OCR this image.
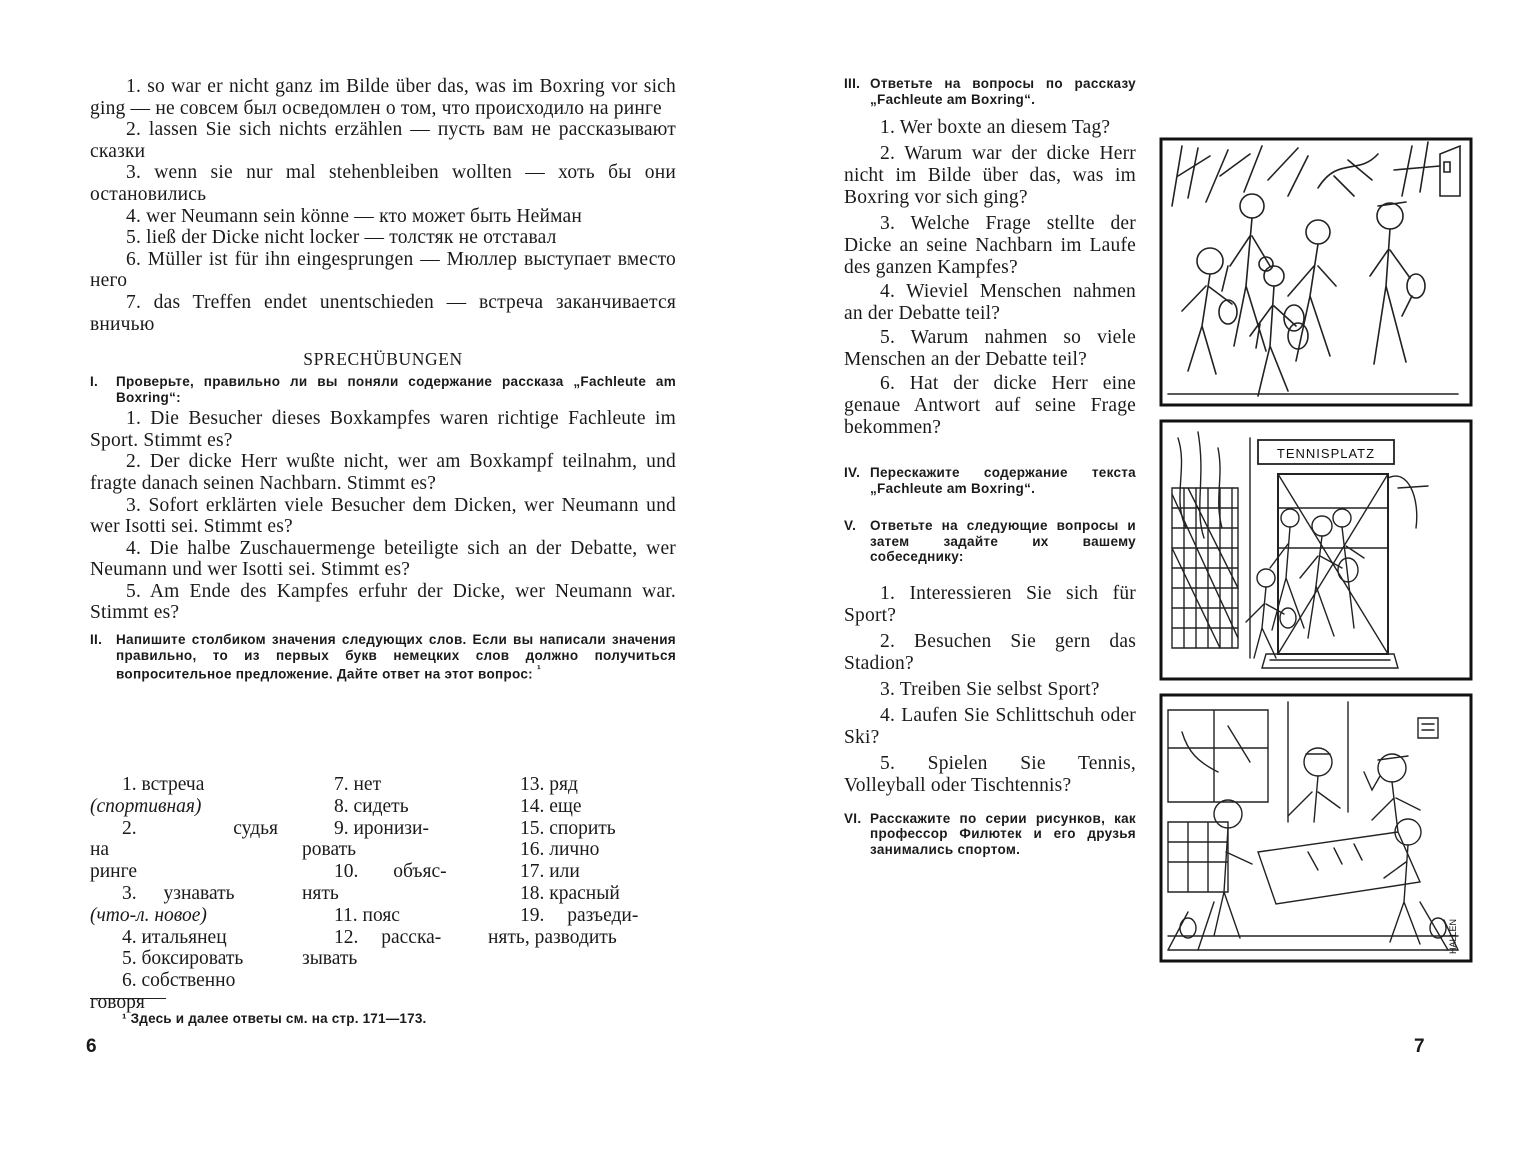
1. so war er nicht ganz im Bilde über das, was im Boxring vor sich ging — не совсем был осведомлен о том, что происходило на ринге
2. lassen Sie sich nichts erzählen — пусть вам не рассказывают сказки
3. wenn sie nur mal stehenbleiben wollten — хоть бы они остановились
4. wer Neumann sein könne — кто может быть Нейман
5. ließ der Dicke nicht locker — толстяк не отставал
6. Müller ist für ihn eingesprungen — Мюллер выступает вместо него
7. das Treffen endet unentschieden — встреча заканчивается вничью
SPRECHÜBUNGEN
I. Проверьте, правильно ли вы поняли содержание рассказа „Fachleute am Boxring“:
1. Die Besucher dieses Boxkampfes waren richtige Fachleute im Sport. Stimmt es?
2. Der dicke Herr wußte nicht, wer am Boxkampf teilnahm, und fragte danach seinen Nachbarn. Stimmt es?
3. Sofort erklärten viele Besucher dem Dicken, wer Neumann und wer Isotti sei. Stimmt es?
4. Die halbe Zuschauermenge beteiligte sich an der Debatte, wer Neumann und wer Isotti sei. Stimmt es?
5. Am Ende des Kampfes erfuhr der Dicke, wer Neumann war. Stimmt es?
II. Напишите столбиком значения следующих слов. Если вы написали значения правильно, то из первых букв немецких слов должно получиться вопросительное предложение. Дайте ответ на этот вопрос: $^{^1}$
1. встреча
(спортивная)
2. судья на
ринге
3. узнавать
(что-л. новое)
4. итальянец
5. боксировать
6. собственно
говоря
7. нет
8. сидеть
9. иронизи-
ровать
10. объяс-
нять
11. пояс
12. расска-
зывать
13. ряд
14. еще
15. спорить
16. лично
17. или
18. красный
19. разъеди-
нять, разводить
¹ Здесь и далее ответы см. на стр. 171—173.
6
III. Ответьте на вопросы по рассказу „Fachleute am Boxring“.
1. Wer boxte an diesem Tag?
2. Warum war der dicke Herr nicht im Bilde über das, was im Boxring vor sich ging?
3. Welche Frage stellte der Dicke an seine Nachbarn im Laufe des ganzen Kampfes?
4. Wieviel Menschen nahmen an der Debatte teil?
5. Warum nahmen so viele Menschen an der Debatte teil?
6. Hat der dicke Herr eine genaue Antwort auf seine Frage bekommen?
IV. Перескажите содержание текста „Fachleute am Boxring“.
V. Ответьте на следующие вопросы и затем задайте их вашему собеседнику:
1. Interessieren Sie sich für Sport?
2. Besuchen Sie gern das Stadion?
3. Treiben Sie selbst Sport?
4. Laufen Sie Schlittschuh oder Ski?
5. Spielen Sie Tennis, Volleyball oder Tischtennis?
VI. Расскажите по серии рисунков, как профессор Филютек и его друзья занимались спортом.
TENNISPLATZ
HALLEN
7
